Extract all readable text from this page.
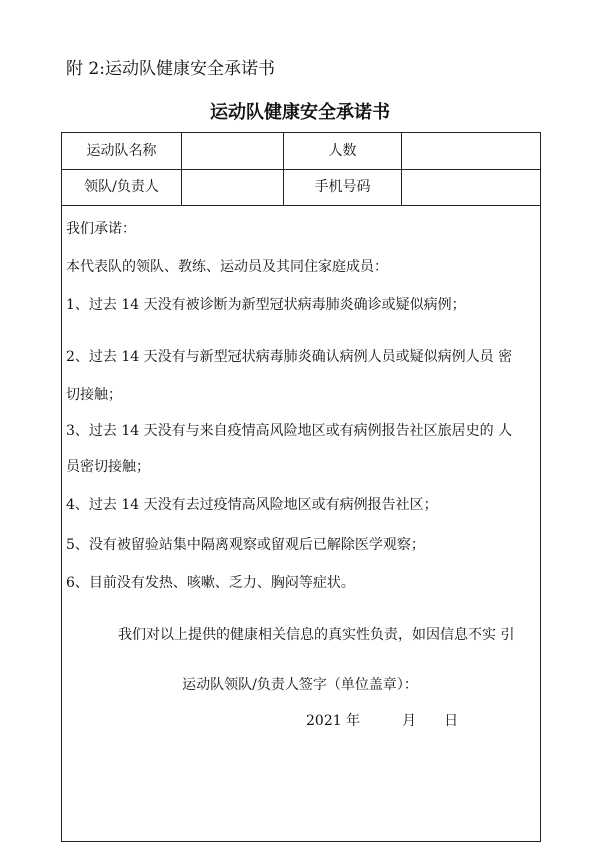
附 2:运动队健康安全承诺书
运动队健康安全承诺书
运动队名称	人数
领队/负责人	手机号码
我们承诺：
本代表队的领队、教练、运动员及其同住家庭成员：
1、过去 14 天没有被诊断为新型冠状病毒肺炎确诊或疑似病例；
2、过去 14 天没有与新型冠状病毒肺炎确认病例人员或疑似病例人员 密
切接触；
3、过去 14 天没有与来自疫情高风险地区或有病例报告社区旅居史的 人
员密切接触；
4、过去 14 天没有去过疫情高风险地区或有病例报告社区；
5、没有被留验站集中隔离观察或留观后已解除医学观察；
6、目前没有发热、咳嗽、乏力、胸闷等症状。
我们对以上提供的健康相关信息的真实性负责，如因信息不实 引
运动队领队/负责人签字（单位盖章）：
2021 年　　　月　　日
